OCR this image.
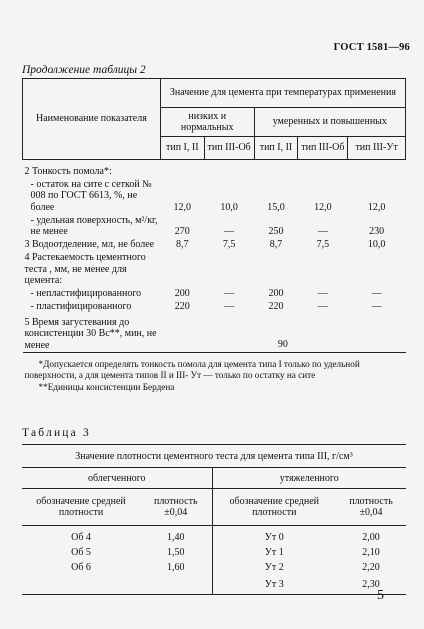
ГОСТ 1581—96
Продолжение таблицы 2
Наименование показателя	Значение для цемента при температурах применения				
	низких и нормальных		умеренных и повышенных		
	тип I, II	тип III-Об	тип I, II	тип III-Об	тип III-Ут
2 Тонкость помола*:					
- остаток на сите с сеткой № 008 по ГОСТ 6613, %, не более	12,0	10,0	15,0	12,0	12,0
- удельная поверхность, м²/кг, не менее	270	—	250	—	230
3 Водоотделение, мл, не более	8,7	7,5	8,7	7,5	10,0
4 Растекаемость цементного теста , мм, не менее для цемента:					
- непластифицированного	200	—	200	—	—
- пластифицированного	220	—	220	—	—
5 Время загустевания до консистенции 30 Вс**, мин, не менее	90				

*Допускается определять тонкость помола для цемента типа I только по удельной поверхности, а для цемента типов II и III- Ут — только по остатку на сите
**Единицы консистенции Бердена					
Таблица 3
Значение плотности цементного теста для цемента типа III, г/см³			
облегченного		утяжеленного	
обозначение средней плотности	плотность ±0,04	обозначение средней плотности	плотность ±0,04
Об 4	1,40	Ут 0	2,00
Об 5	1,50	Ут 1	2,10
Об 6	1,60	Ут 2	2,20
		Ут 3	2,30
5
